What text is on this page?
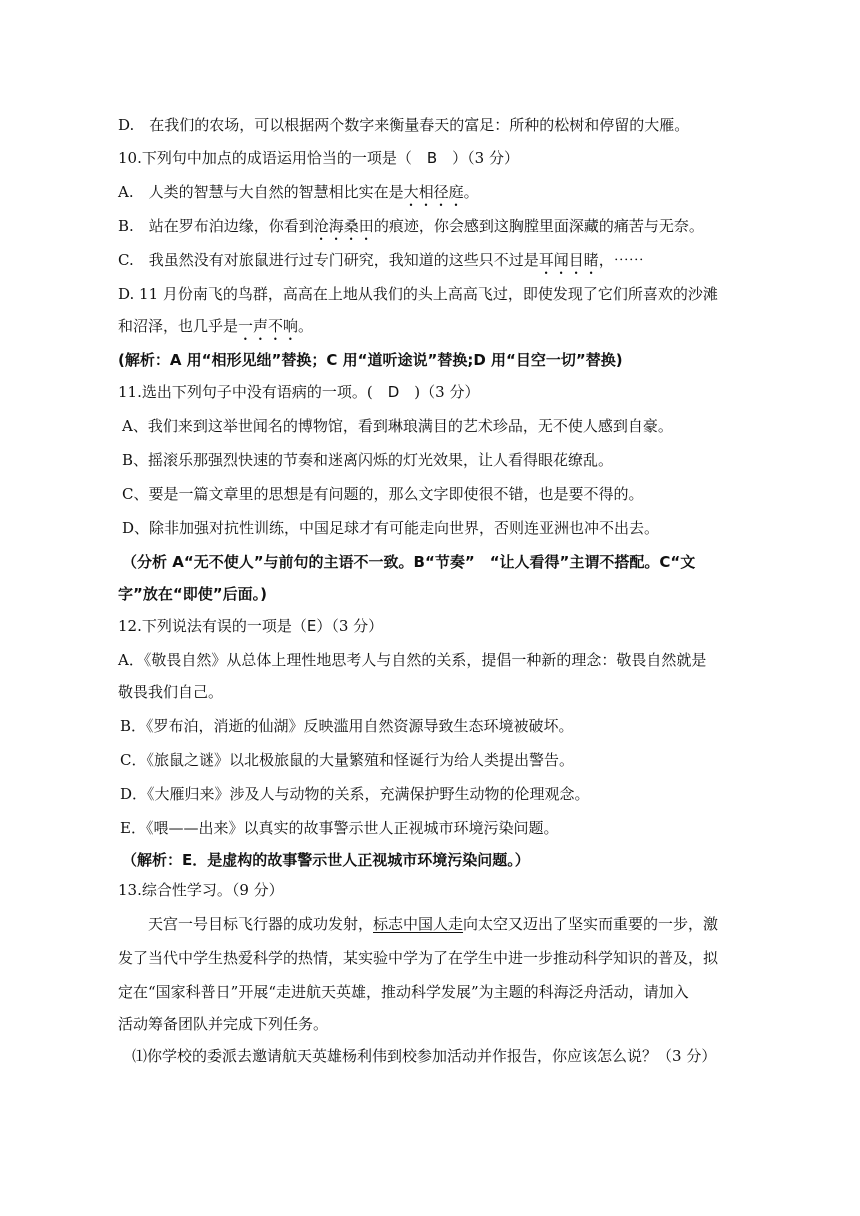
D.　在我们的农场，可以根据两个数字来衡量春天的富足：所种的松树和停留的大雁。
10.下列句中加点的成语运用恰当的一项是（　B　）（3 分）
A.　人类的智慧与大自然的智慧相比实在是大相径庭。
B.　站在罗布泊边缘，你看到沧海桑田的痕迹，你会感到这胸膛里面深藏的痛苦与无奈。
C.　我虽然没有对旅鼠进行过专门研究，我知道的这些只不过是耳闻目睹，⋯⋯
D. 11 月份南飞的鸟群，高高在上地从我们的头上高高飞过，即使发现了它们所喜欢的沙滩
和沼泽，也几乎是一声不响。
(解析：A 用“相形见绌”替换；C 用“道听途说”替换;D 用“目空一切”替换)
11.选出下列句子中没有语病的一项。(　D　)（3 分）
A、我们来到这举世闻名的博物馆，看到琳琅满目的艺术珍品，无不使人感到自豪。
B、摇滚乐那强烈快速的节奏和迷离闪烁的灯光效果，让人看得眼花缭乱。
C、要是一篇文章里的思想是有问题的，那么文字即使很不错，也是要不得的。
D、除非加强对抗性训练，中国足球才有可能走向世界，否则连亚洲也冲不出去。
（分析 A“无不使人”与前句的主语不一致。B“节奏”　“让人看得”主谓不搭配。C“文
字”放在“即使”后面。)
12.下列说法有误的一项是（E）（3 分）
A．《敬畏自然》从总体上理性地思考人与自然的关系，提倡一种新的理念：敬畏自然就是
敬畏我们自己。
B．《罗布泊，消逝的仙湖》反映滥用自然资源导致生态环境被破坏。
C．《旅鼠之谜》以北极旅鼠的大量繁殖和怪诞行为给人类提出警告。
D．《大雁归来》涉及人与动物的关系，充满保护野生动物的伦理观念。
E．《喂——出来》以真实的故事警示世人正视城市环境污染问题。
（解析：E．是虚构的故事警示世人正视城市环境污染问题。）
13.综合性学习。（9 分）
天宫一号目标飞行器的成功发射，标志中国人走向太空又迈出了坚实而重要的一步，激
发了当代中学生热爱科学的热情，某实验中学为了在学生中进一步推动科学知识的普及，拟
定在“国家科普日”开展“走进航天英雄，推动科学发展”为主题的科海泛舟活动，请加入
活动筹备团队并完成下列任务。
⑴你学校的委派去邀请航天英雄杨利伟到校参加活动并作报告，你应该怎么说？（3 分）
